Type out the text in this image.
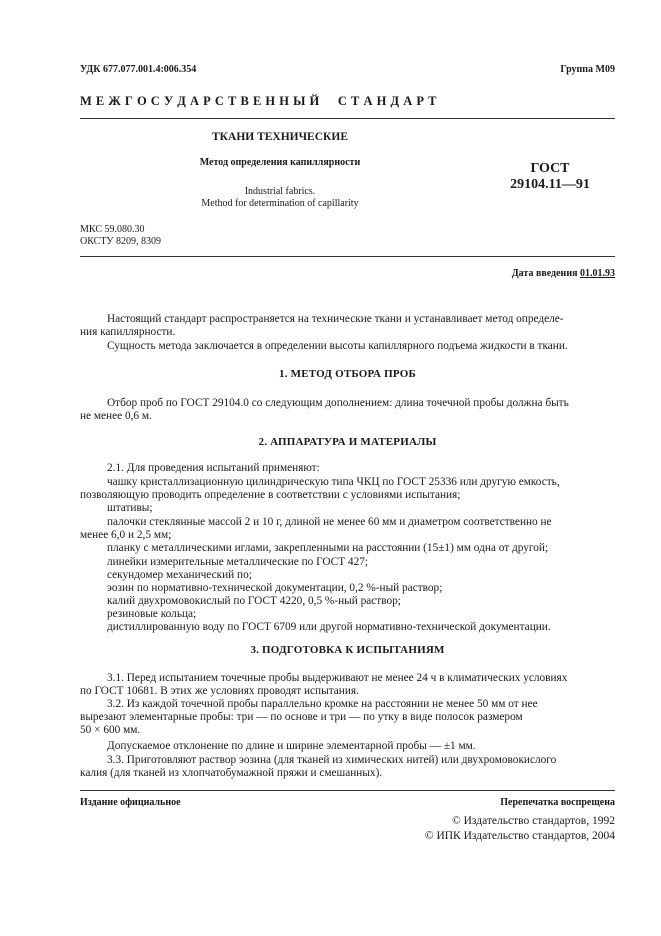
УДК 677.077.001.4:006.354	Группа М09
М Е Ж Г О С У Д А Р С Т В Е Н Н Ы Й     С Т А Н Д А Р Т
ТКАНИ ТЕХНИЧЕСКИЕ
Метод определения капиллярности
Industrial fabrics.
Method for determination of capillarity
ГОСТ
29104.11—91
МКС 59.080.30
ОКСТУ 8209, 8309
Дата введения 01.01.93
Настоящий стандарт распространяется на технические ткани и устанавливает метод определе-
ния капиллярности.
Сущность метода заключается в определении высоты капиллярного подъема жидкости в ткани.
1. МЕТОД ОТБОРА ПРОБ
Отбор проб по ГОСТ 29104.0 со следующим дополнением: длина точечной пробы должна быть
не менее 0,6 м.
2. АППАРАТУРА И МАТЕРИАЛЫ
2.1. Для проведения испытаний применяют:
чашку кристаллизационную цилиндрическую типа ЧКЦ по ГОСТ 25336 или другую емкость,
позволяющую проводить определение в соответствии с условиями испытания;
штативы;
палочки стеклянные массой 2 и 10 г, длиной не менее 60 мм и диаметром соответственно не
менее 6,0 и 2,5 мм;
планку с металлическими иглами, закрепленными на расстоянии (15±1) мм одна от другой;
линейки измерительные металлические по ГОСТ 427;
секундомер механический по;
эозин по нормативно-технической документации, 0,2 %-ный раствор;
калий двухромовокислый по ГОСТ 4220, 0,5 %-ный раствор;
резиновые кольца;
дистиллированную воду по ГОСТ 6709 или другой нормативно-технической документации.
3. ПОДГОТОВКА К ИСПЫТАНИЯМ
3.1. Перед испытанием точечные пробы выдерживают не менее 24 ч в климатических условиях
по ГОСТ 10681. В этих же условиях проводят испытания.
3.2. Из каждой точечной пробы параллельно кромке на расстоянии не менее 50 мм от нее
вырезают элементарные пробы: три — по основе и три — по утку в виде полосок размером
50 × 600 мм.
Допускаемое отклонение по длине и ширине элементарной пробы — ±1 мм.
3.3. Приготовляют раствор эозина (для тканей из химических нитей) или двухромовокислого
калия (для тканей из хлопчатобумажной пряжи и смешанных).
Издание официальное	Перепечатка воспрещена
© Издательство стандартов, 1992
© ИПК Издательство стандартов, 2004
